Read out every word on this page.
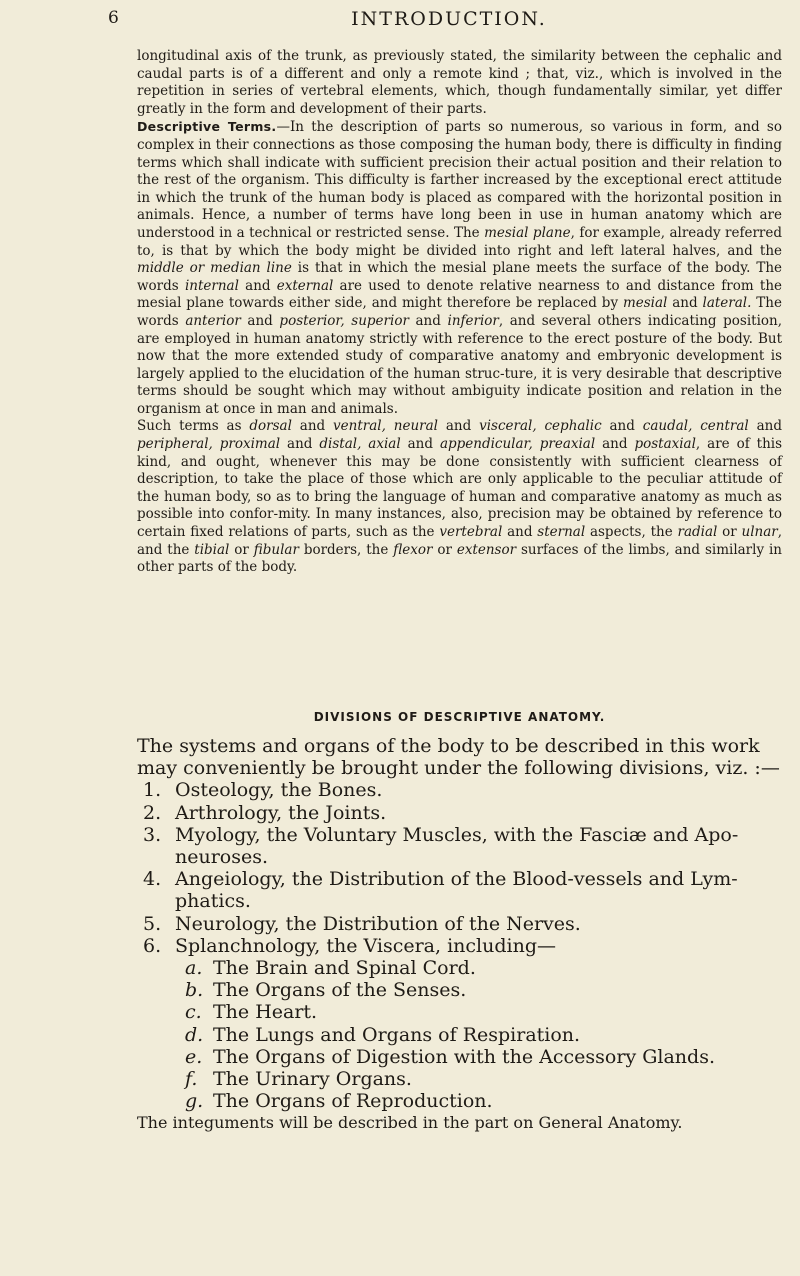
6	INTRODUCTION.

longitudinal axis of the trunk, as previously stated, the similarity between the cephalic and caudal parts is of a different and only a remote kind ; that, viz., which is involved in the repetition in series of vertebral elements, which, though fundamentally similar, yet differ greatly in the form and development of their parts.

Descriptive Terms.—In the description of parts so numerous, so various in form, and so complex in their connections as those composing the human body, there is difficulty in finding terms which shall indicate with sufficient precision their actual position and their relation to the rest of the organism. This difficulty is farther increased by the exceptional erect attitude in which the trunk of the human body is placed as compared with the horizontal position in animals. Hence, a number of terms have long been in use in human anatomy which are understood in a technical or restricted sense. The mesial plane, for example, already referred to, is that by which the body might be divided into right and left lateral halves, and the middle or median line is that in which the mesial plane meets the surface of the body. The words internal and external are used to denote relative nearness to and distance from the mesial plane towards either side, and might therefore be replaced by mesial and lateral. The words anterior and posterior, superior and inferior, and several others indicating position, are employed in human anatomy strictly with reference to the erect posture of the body. But now that the more extended study of comparative anatomy and embryonic development is largely applied to the elucidation of the human struc-ture, it is very desirable that descriptive terms should be sought which may without ambiguity indicate position and relation in the organism at once in man and animals.

Such terms as dorsal and ventral, neural and visceral, cephalic and caudal, central and peripheral, proximal and distal, axial and appendicular, preaxial and postaxial, are of this kind, and ought, whenever this may be done consistently with sufficient clearness of description, to take the place of those which are only applicable to the peculiar attitude of the human body, so as to bring the language of human and comparative anatomy as much as possible into confor-mity. In many instances, also, precision may be obtained by reference to certain fixed relations of parts, such as the vertebral and sternal aspects, the radial or ulnar, and the tibial or fibular borders, the flexor or extensor surfaces of the limbs, and similarly in other parts of the body.

DIVISIONS OF DESCRIPTIVE ANATOMY.

The systems and organs of the body to be described in this work may conveniently be brought under the following divisions, viz. :—

1. Osteology, the Bones.
2. Arthrology, the Joints.
3. Myology, the Voluntary Muscles, with the Fasciæ and Apo-neuroses.
4. Angeiology, the Distribution of the Blood-vessels and Lym-phatics.
5. Neurology, the Distribution of the Nerves.
6. Splanchnology, the Viscera, including—
a. The Brain and Spinal Cord.
b. The Organs of the Senses.
c. The Heart.
d. The Lungs and Organs of Respiration.
e. The Organs of Digestion with the Accessory Glands.
f. The Urinary Organs.
g. The Organs of Reproduction.

The integuments will be described in the part on General Anatomy.
